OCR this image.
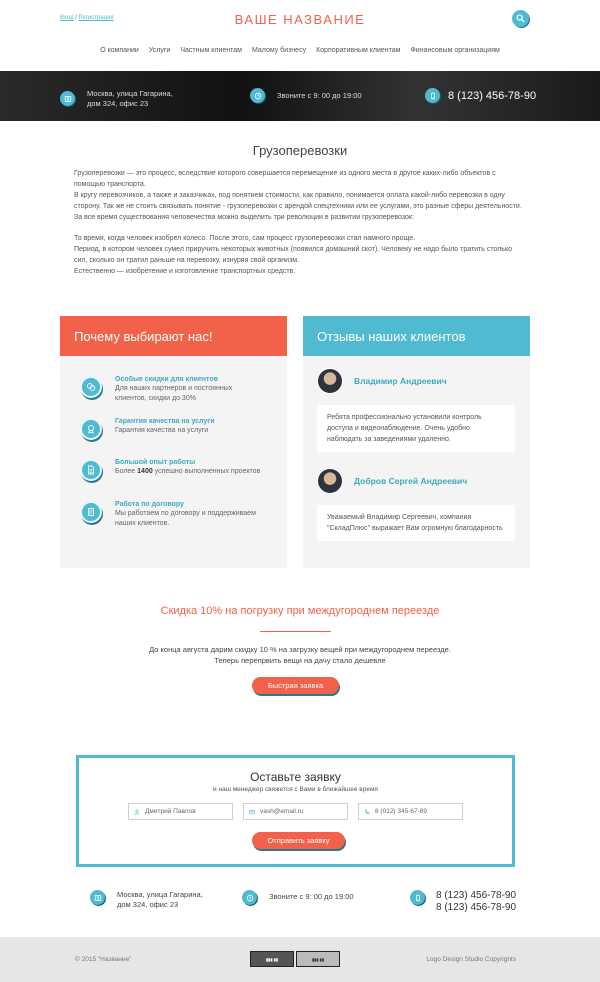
Вход / Регистрация	ВАШЕ НАЗВАНИЕ
О компании Услуги Частным клиентам Малому бизнесу Корпоративным клиентам Финансовым организациям
Москва, улица Гагарина,
дом 324, офис 23
Звоните с 9: 00 до 19:00	8 (123) 456-78-90
Грузоперевозки

Грузоперевозки — это процесс, вследствие которого совершается перемещение из одного места в другое каких-либо объектов с помощью транспорта.

В кругу перевозчиков, а также и заказчиках, под понятием стоимости, как правило, понимается оплата какой-либо перевозки в одну сторону. Так же не стоить связывать понятие - грузоперевозки с арендой спецтехники или ее услугами, это разные сферы деятельности.

За все время существования человечества можно выделить три революции в развитии грузоперевозок:

То время, когда человек изобрел колесо. После этого, сам процесс грузоперевозки стал намного проще.

Период, в котором человек сумел приручить некоторых животных (появился домашний скот). Человеку не надо было тратить столько сил, сколько он тратил раньше на перевозку, изнуряя свой организм.

Естественно — изобретение и изготовление транспортных средств.

Почему выбирают нас!
Особые скидки для клиентов
Для наших партнеров и постоянных клиентов, скидки до 30%
Гарантия качества на услуги
Гарантия качества на услуги
Большой опыт работы
Более 1400 успешно выполненных проектов
Работа по договору
Мы работаем по договору и поддерживаем наших клиентов.
Отзывы наших клиентов
Владимир Андреевич
Ребята профессионально установили контроль доступа и видеонаблюдение. Очень удобно наблюдать за заведениями удаленно.
Добров Сергей Андреевич
Уважаемый Владимир Сергеевич, компания "СкладПлюс" выражает Вам огромную благодарность
Скидка 10% на погрузку при междугороднем переезде
До конца августа дарим скидку 10 % на загрузку вещей при междугороднем переезде.
Теперь перепрвить вещи на дачу стало дешевле
Быстрая заявка
Оставьте заявку
и наш менеджер свяжется с Вами в ближайшее время
Дмитрий Павлов	vash@email.ru	8 (012) 345-67-89
Отправить заявку
Москва, улица Гагарина,
дом 324, офис 23
Звоните с 9: 00 до 19:00	8 (123) 456-78-90
8 (123) 456-78-90
© 2015 "Название"	▮▮▮ ▮▮	▮▮▮ ▮▮	Logo Design Studio Copyrights
